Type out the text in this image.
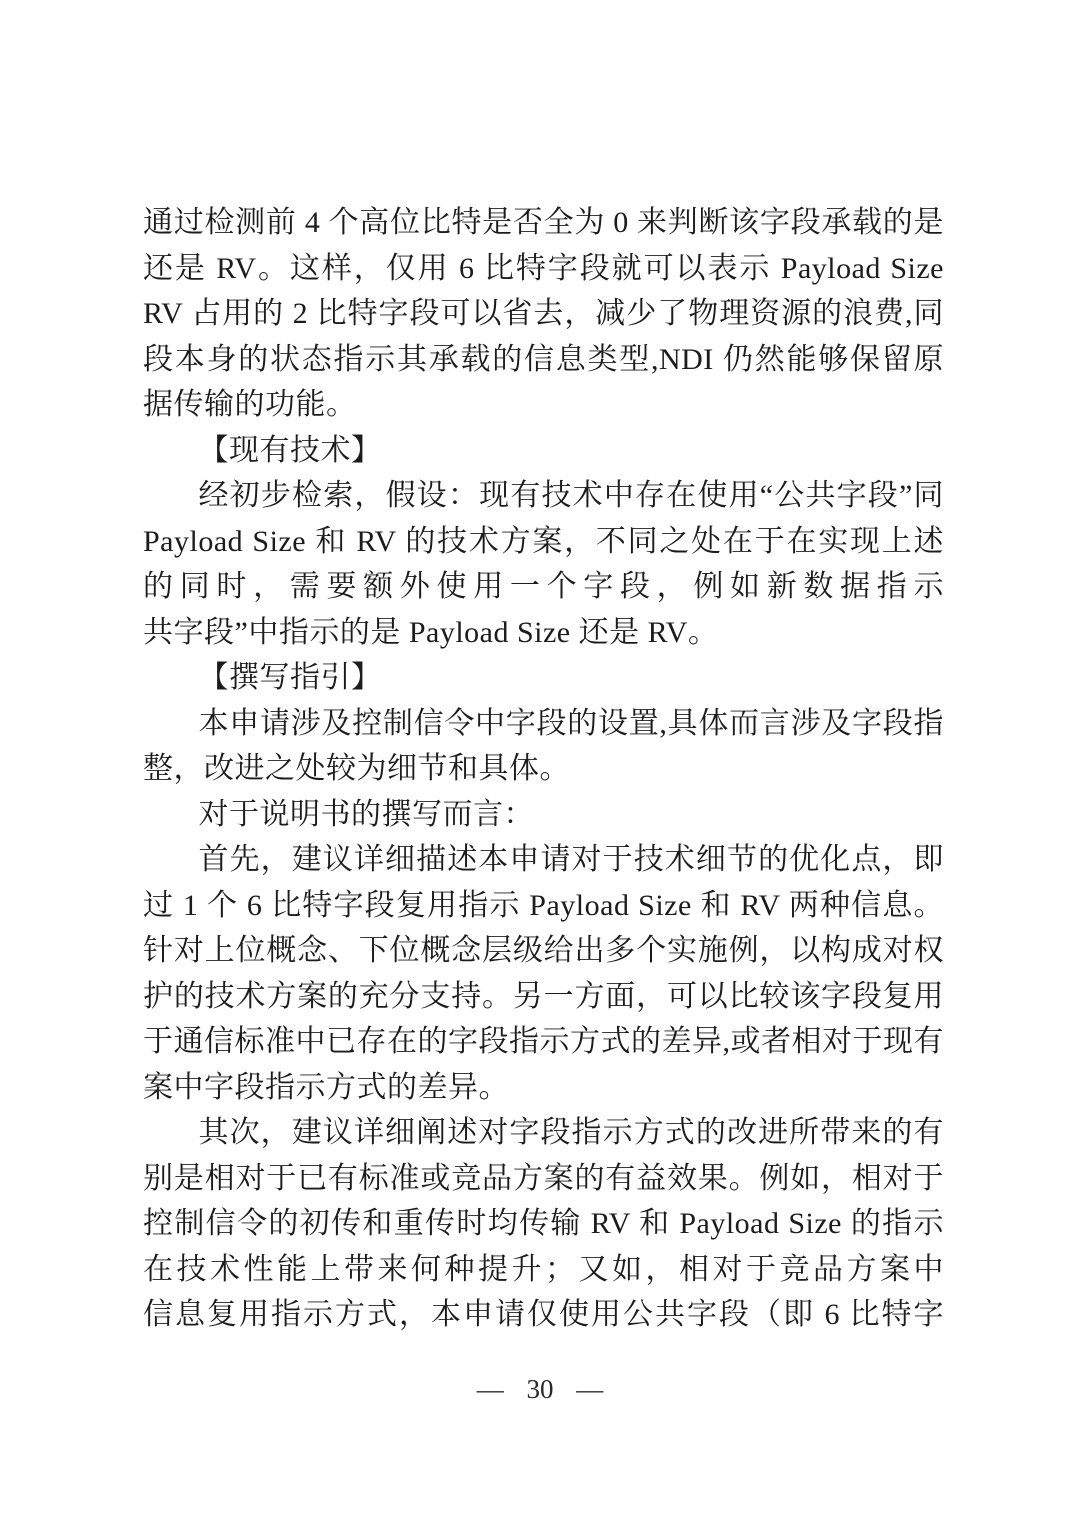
通过检测前 4 个高位比特是否全为 0 来判断该字段承载的是
还是 RV。这样，仅用 6 比特字段就可以表示 Payload Size
RV 占用的 2 比特字段可以省去，减少了物理资源的浪费,同
段本身的状态指示其承载的信息类型,NDI 仍然能够保留原
据传输的功能。
【现有技术】
经初步检索，假设：现有技术中存在使用“公共字段”同
Payload Size 和 RV 的技术方案，不同之处在于在实现上述
的同时，需要额外使用一个字段，例如新数据指示
共字段”中指示的是 Payload Size 还是 RV。
【撰写指引】
本申请涉及控制信令中字段的设置,具体而言涉及字段指
整，改进之处较为细节和具体。
对于说明书的撰写而言：
首先，建议详细描述本申请对于技术细节的优化点，即
过 1 个 6 比特字段复用指示 Payload Size 和 RV 两种信息。
针对上位概念、下位概念层级给出多个实施例，以构成对权
护的技术方案的充分支持。另一方面，可以比较该字段复用
于通信标准中已存在的字段指示方式的差异,或者相对于现有
案中字段指示方式的差异。
其次，建议详细阐述对字段指示方式的改进所带来的有
别是相对于已有标准或竞品方案的有益效果。例如，相对于
控制信令的初传和重传时均传输 RV 和 Payload Size 的指示
在技术性能上带来何种提升；又如，相对于竞品方案中
信息复用指示方式，本申请仅使用公共字段（即 6 比特字
— 30 —
